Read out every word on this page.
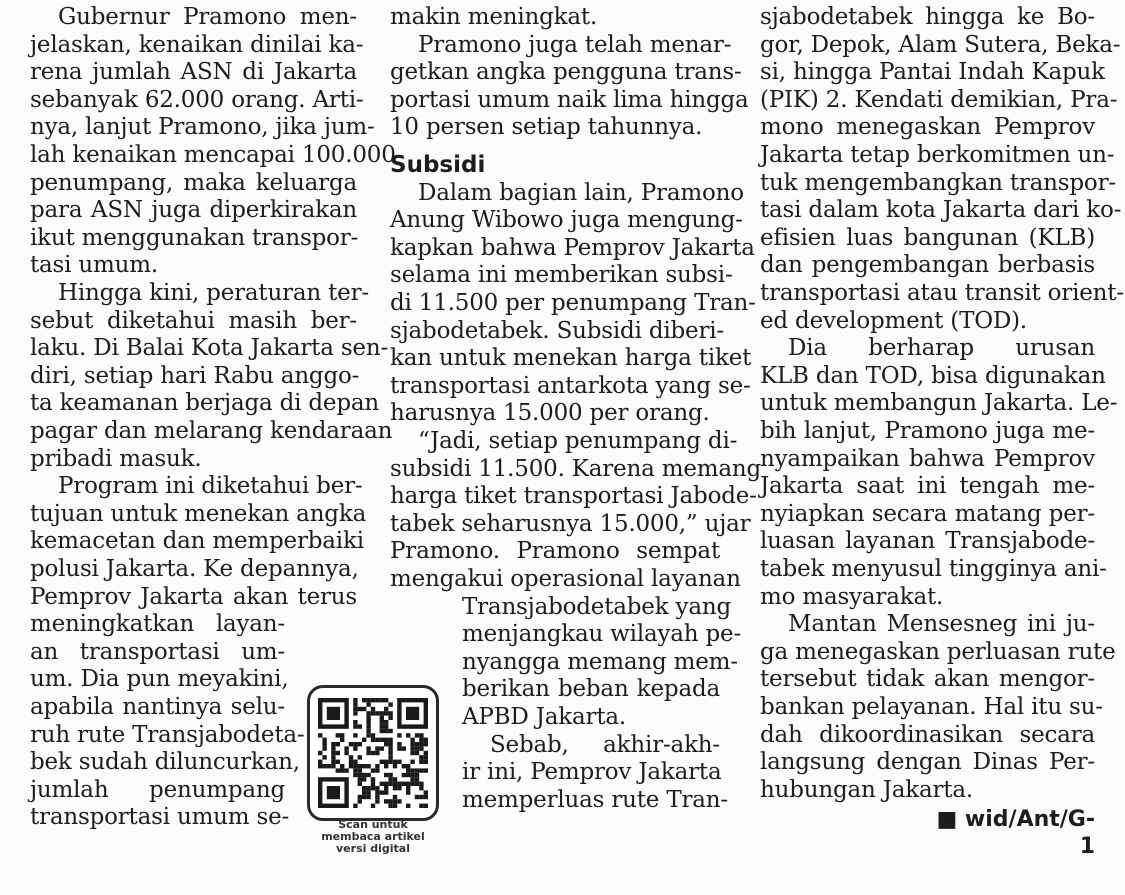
Gubernur Pramono men-
jelaskan, kenaikan dinilai ka-
rena jumlah ASN di Jakarta
sebanyak 62.000 orang. Arti-
nya, lanjut Pramono, jika jum-
lah kenaikan mencapai 100.000
penumpang, maka keluarga
para ASN juga diperkirakan
ikut menggunakan transpor-
tasi umum.
Hingga kini, peraturan ter-
sebut diketahui masih ber-
laku. Di Balai Kota Jakarta sen-
diri, setiap hari Rabu anggo-
ta keamanan berjaga di depan
pagar dan melarang kendaraan
pribadi masuk.
Program ini diketahui ber-
tujuan untuk menekan angka
kemacetan dan memperbaiki
polusi Jakarta. Ke depannya,
Pemprov Jakarta akan terus
meningkatkan layan-
an transportasi um-
um. Dia pun meyakini,
apabila nantinya selu-
ruh rute Transjabodeta-
bek sudah diluncurkan,
jumlah penumpang
transportasi umum se-
makin meningkat.
Pramono juga telah menar-
getkan angka pengguna trans-
portasi umum naik lima hingga
10 persen setiap tahunnya.
Subsidi
Dalam bagian lain, Pramono
Anung Wibowo juga mengung-
kapkan bahwa Pemprov Jakarta
selama ini memberikan subsi-
di 11.500 per penumpang Tran-
sjabodetabek. Subsidi diberi-
kan untuk menekan harga tiket
transportasi antarkota yang se-
harusnya 15.000 per orang.
“Jadi, setiap penumpang di-
subsidi 11.500. Karena memang
harga tiket transportasi Jabode-
tabek seharusnya 15.000,” ujar
Pramono. Pramono sempat
mengakui operasional layanan
Transjabodetabek yang
menjangkau wilayah pe-
nyangga memang mem-
berikan beban kepada
APBD Jakarta.
Sebab, akhir-akh-
ir ini, Pemprov Jakarta
memperluas rute Tran-
sjabodetabek hingga ke Bo-
gor, Depok, Alam Sutera, Beka-
si, hingga Pantai Indah Kapuk
(PIK) 2. Kendati demikian, Pra-
mono menegaskan Pemprov
Jakarta tetap berkomitmen un-
tuk mengembangkan transpor-
tasi dalam kota Jakarta dari ko-
efisien luas bangunan (KLB)
dan pengembangan berbasis
transportasi atau transit orient-
ed development (TOD).
Dia berharap urusan
KLB dan TOD, bisa digunakan
untuk membangun Jakarta. Le-
bih lanjut, Pramono juga me-
nyampaikan bahwa Pemprov
Jakarta saat ini tengah me-
nyiapkan secara matang per-
luasan layanan Transjabode-
tabek menyusul tingginya ani-
mo masyarakat.
Mantan Mensesneg ini ju-
ga menegaskan perluasan rute
tersebut tidak akan mengor-
bankan pelayanan. Hal itu su-
dah dikoordinasikan secara
langsung dengan Dinas Per-
hubungan Jakarta.
■ wid/Ant/G-1
Scan untuk
membaca artikel
versi digital
